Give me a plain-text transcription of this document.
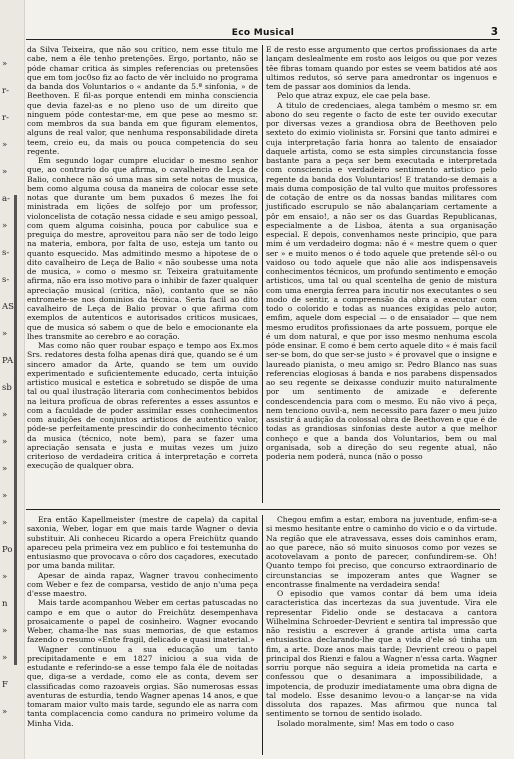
»
r-
r-
»
»
a-
»
s-
s-
AS
»
PA
sb
»
»
»
»
»
Po
»
n
»
»
F
»
Eco Musical	3

da Silva Teixeira, que não sou critico, nem esse titulo me cabe, nem a êle tenho pretenções. Ergo, portanto, não se póde chamar critica ás simples referencias ou pretensões que em tom joc0so fiz ao facto de vêr incluido no programa da banda dos Voluntarios o « andante da 5.ª sinfonia, » de Beethoven. E fil-as porque entendi em minha consciencia que devia fazel-as e no pleno uso de um direito que ninguem póde contestar-me, em que pese ao mesmo sr. com membros da sua banda em que figuram elementos, alguns de real valor, que nenhuma responsabilidade direta teem, creio eu, da mais ou pouca competencia do seu regente.

Em segundo logar cumpre elucidar o mesmo senhor que, ao contrario do que afirma, o cavalheiro de Leça de Balio, conhece não só uma mas sim sete notas de musica, bem como alguma cousa da maneira de colocar esse sete notas que durante um bem puxados 6 mezes lhe foi ministrada em lições de solfejo por um professor, violoncelista de cotação nessa cidade e seu amigo pessoal, com quem alguma coisinha, pouca por cabulice sua e preguiça do mestre, aproveitou para não ser de todo leigo na materia, embora, por falta de uso, esteja um tanto ou quanto esquecido. Mas admitindo mesmo a hipotese de o dito cavalheiro de Leça de Balio « não soubesse uma nota de musica, » como o mesmo sr. Teixeira gratuitamente afirma, não era isso motivo para o inhibir de fazer qualquer apreciação musical (critica, não), contanto que se não entromete-se nos dominios da técnica. Seria facil ao dito cavalheiro de Leça de Balio provar o que afirma com exemplos de autenticos e autorisados criticos musicaes, que de musica só sabem o que de belo e emocionante ela lhes transmite ao cerebro e ao coração.

Mas como não quer roubar espaço e tempo aos Ex.mos Srs. redatores desta folha apenas dirá que, quando se é um sincero amador da Arte, quando se tem um ouvido experimentado e suficientemente educado, certa intuição artistico musical e estetica e sobretudo se dispõe de uma tal ou qual ilustração literaria com conhecimentos bebidos na leitura profícua de obras referentes a esses assuntos e com a faculdade de poder assimilar esses conhecimentos com audições de conjuntos artisticos de autentico valor, póde-se perfeitamente prescindir do conhecimento técnico da musica (técnico, note bem), para se fazer uma apreciação sensata e justa e muitas vezes um juizo criterioso de verdadeira critica á interpretação e correta execução de qualquer obra.

E de resto esse argumento que certos profissionaes da arte lançam deslealmente em rosto aos leigos ou que por vezes têe fibras tomam quando por estes se veem batidos até aos ultimos redutos, só serve para amedrontar os ingenuos e tem de passar aos dominios da lenda.

Pelo que atraz expuz, ele cae pela base.

A titulo de credenciaes, alega também o mesmo sr. em abono do seu regente o facto de este ter ouvido executar por diversas vezes a grandiosa obra de Beethoven pelo sexteto do eximio violinista sr. Forsini que tanto admirei e cuja interpretação faria honra ao talento de ensaiador daquele artista, como se esta simples circunstancia fosse bastante para a peça ser bem executada e interpretada com consciencia e verdadeiro sentimento artistico pelo regente da banda dos Voluntarios! E tratando-se demais a mais duma composição de tal vulto que muitos professores de cotação de entre os da nossas bandas militares com justificado escrupulo se não abalançariam certamente a pôr em ensaio!, a não ser os das Guardas Republicanas, especialmente a de Lisboa, átenta a sua organisação especial. E depois, convenhamos neste principio, que para mim é um verdadeiro dogma: não é « mestre quem o quer ser » e muito menos o é todo aquele que pretende sêl-o ou vaidoso ou todo aquele que não alie aos indispensaveis conhecimentos técnicos, um profundo sentimento e emoção artisticos, uma tal ou qual scentelha de genio de mistura com uma energia ferrea para incutir nos executantes o seu modo de sentir, a compreensão da obra a executar com todo o colorido e todas as nuances exigidas pelo autor, emfim, aquele dom especial — o de ensaiador — que nem mesmo eruditos profissionaes da arte possuem, porque ele é um dom natural, e que por isso mesmo nenhuma escola póde ensinar. E como é bem certo aquele dito « é mais facil ser-se bom, do que ser-se justo » é provavel que o insigne e laureado pianista, o meu amigo sr. Pedro Blanco nas suas referencias elogiosas á banda e nos parabens dispensados ao seu regente se deixasse conduzir muito naturalmente por um sentimento de amizade e deferente condescendencia para com o mesmo. Eu não vivo á peça, nem tenciono ouvil-a, nem necessito para fazer o meu juizo assistir á audição da colossal obra de Beethoven e que é de todas as grandiosas sinfonias deste autor a que melhor conheço e que a banda dos Voluntarios, bem ou mal organisada, sob a direção do seu regente atual, não poderia nem poderá, nunca (não o posso

Era então Kapellmeister (mestre de capela) da capital saxonia, Weber, logar em que mais tarde Wagner o devia substituir. Ali conheceu Ricardo a opera Freichütz quando apareceu pela primeira vez em publico e foi testemunha do entusiasmo que provocava o côro dos caçadores, executado por uma banda militar.

Apesar de ainda rapaz, Wagner travou conhecimento com Weber e fez de comparsa, vestido de anjo n'uma peça d'esse maestro.

Mais tarde acompanhou Weber em certas patuscadas no campo e em que o autor do Freichütz desempenhava prosaicamente o papel de cosinheiro. Wagner evocando Weber, chama-lhe nas suas memorias, de que estamos fazendo o resumo «Ente fragil, delicado e quasi imaterial.»

Wagner continuou a sua educação um tanto precipitadamente e em 1827 iniciou a sua vida de estudante e referindo-se a esse tempo fala éle de noitadas que, diga-se a verdade, como ele as conta, devem ser classificadas como razoaveis orgias. São numerosas essas aventuras de esturdia, tendo Wagner apenas 14 anos, e que tomaram maior vulto mais tarde, segundo ele as narra com tanta complacencia como candura no primeiro volume da Minha Vida.

Chegou emfim a estar, embora na juventude, enfim-se-a si mesmo hesitante entre o caminho do vicio e o da virtude. Na região que ele atravessava, esses dois caminhos eram, ao que parece, não só muito sinuosos como por vezes se acotovelavam a ponto de parecer, confundirem-se. Oh! Quanto tempo foi preciso, que concurso extraordinario de circunstancias se impozeram antes que Wagner se encontrasse finalmente na verdadeira senda!

O episodio que vamos contar dá bem uma ideia caracteristica das incertezas da sua juventude. Vira ele representar Fidelio onde se destacava a cantora Wilhelmina Schroeder-Devrient e sentira tal impressão que não resistiu a escrever á grande artista uma carta entusiastica declarando-lhe que a vida d'ele só tinha um fim, a arte. Doze anos mais tarde; Devrient creou o papel principal dos Rienzi e falou a Wagner n'essa carta. Wagner sorriu porque não seguira a ideia prometida na carta e confessou que o desanimara a impossibilidade, a impotencia, de produzir imediatamente uma obra digna de tal modelo. Esse desanimo levou-o a lançar-se na vida dissoluta dos rapazes. Mas afirmou que nunca tal sentimento se tornou de sentido isolado.

Isolado moralmente, sim! Mas em todo o caso
